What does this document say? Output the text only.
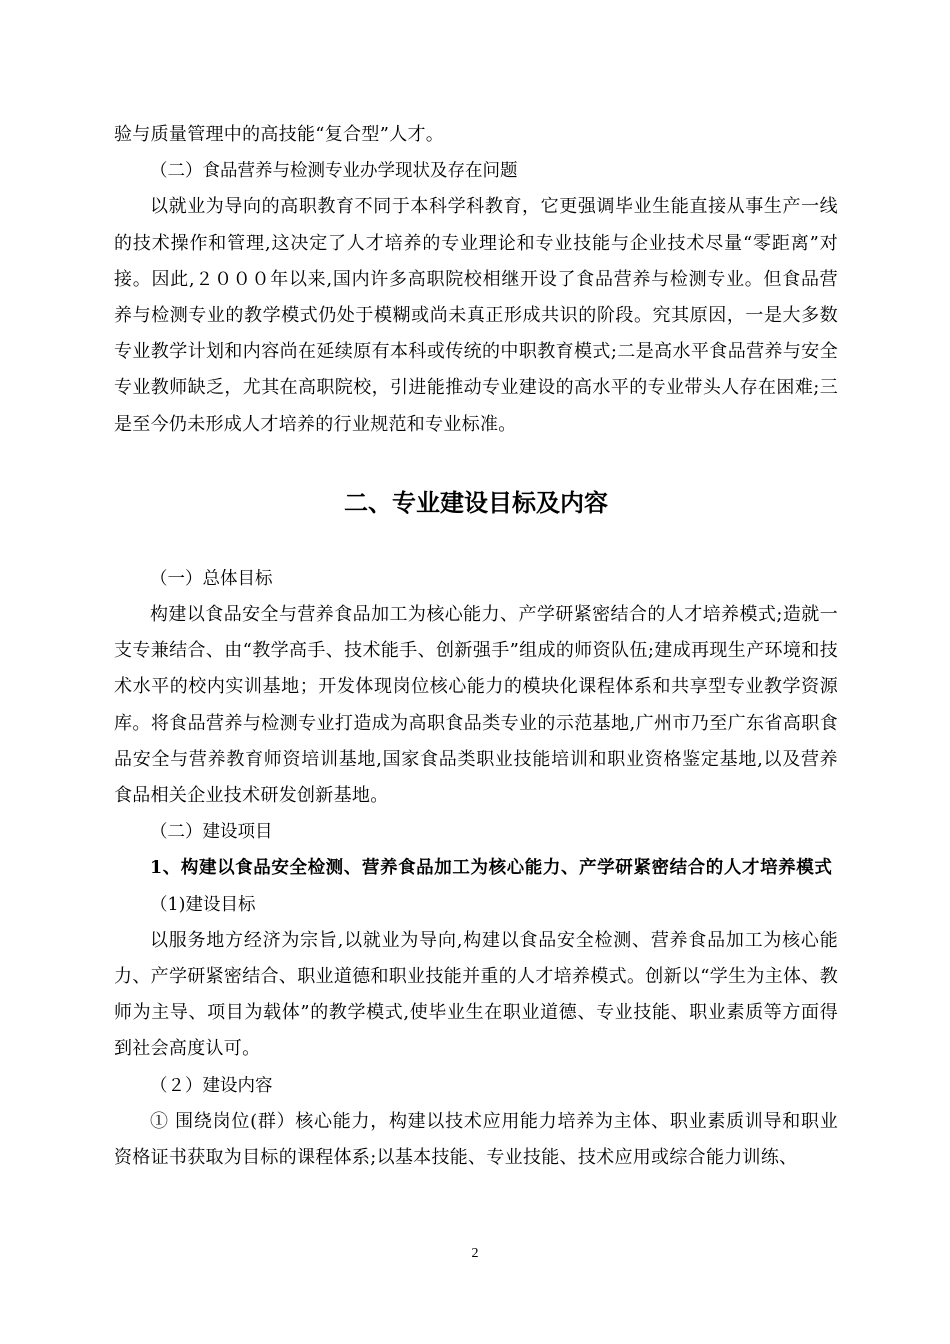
验与质量管理中的高技能“复合型”人才。

（二）食品营养与检测专业办学现状及存在问题

以就业为导向的高职教育不同于本科学科教育，它更强调毕业生能直接从事生产一线的技术操作和管理,这决定了人才培养的专业理论和专业技能与企业技术尽量“零距离”对接。因此,２０００年以来,国内许多高职院校相继开设了食品营养与检测专业。但食品营养与检测专业的教学模式仍处于模糊或尚未真正形成共识的阶段。究其原因，一是大多数专业教学计划和内容尚在延续原有本科或传统的中职教育模式;二是高水平食品营养与安全专业教师缺乏，尤其在高职院校，引进能推动专业建设的高水平的专业带头人存在困难;三是至今仍未形成人才培养的行业规范和专业标准。

二、专业建设目标及内容

（一）总体目标

构建以食品安全与营养食品加工为核心能力、产学研紧密结合的人才培养模式;造就一支专兼结合、由“教学高手、技术能手、创新强手”组成的师资队伍;建成再现生产环境和技术水平的校内实训基地；开发体现岗位核心能力的模块化课程体系和共享型专业教学资源库。将食品营养与检测专业打造成为高职食品类专业的示范基地,广州市乃至广东省高职食品安全与营养教育师资培训基地,国家食品类职业技能培训和职业资格鉴定基地,以及营养食品相关企业技术研发创新基地。

（二）建设项目

1、构建以食品安全检测、营养食品加工为核心能力、产学研紧密结合的人才培养模式

（1)建设目标

以服务地方经济为宗旨,以就业为导向,构建以食品安全检测、营养食品加工为核心能力、产学研紧密结合、职业道德和职业技能并重的人才培养模式。创新以“学生为主体、教师为主导、项目为载体”的教学模式,使毕业生在职业道德、专业技能、职业素质等方面得到社会高度认可。

（２）建设内容

① 围绕岗位(群）核心能力，构建以技术应用能力培养为主体、职业素质训导和职业资格证书获取为目标的课程体系;以基本技能、专业技能、技术应用或综合能力训练、

2
